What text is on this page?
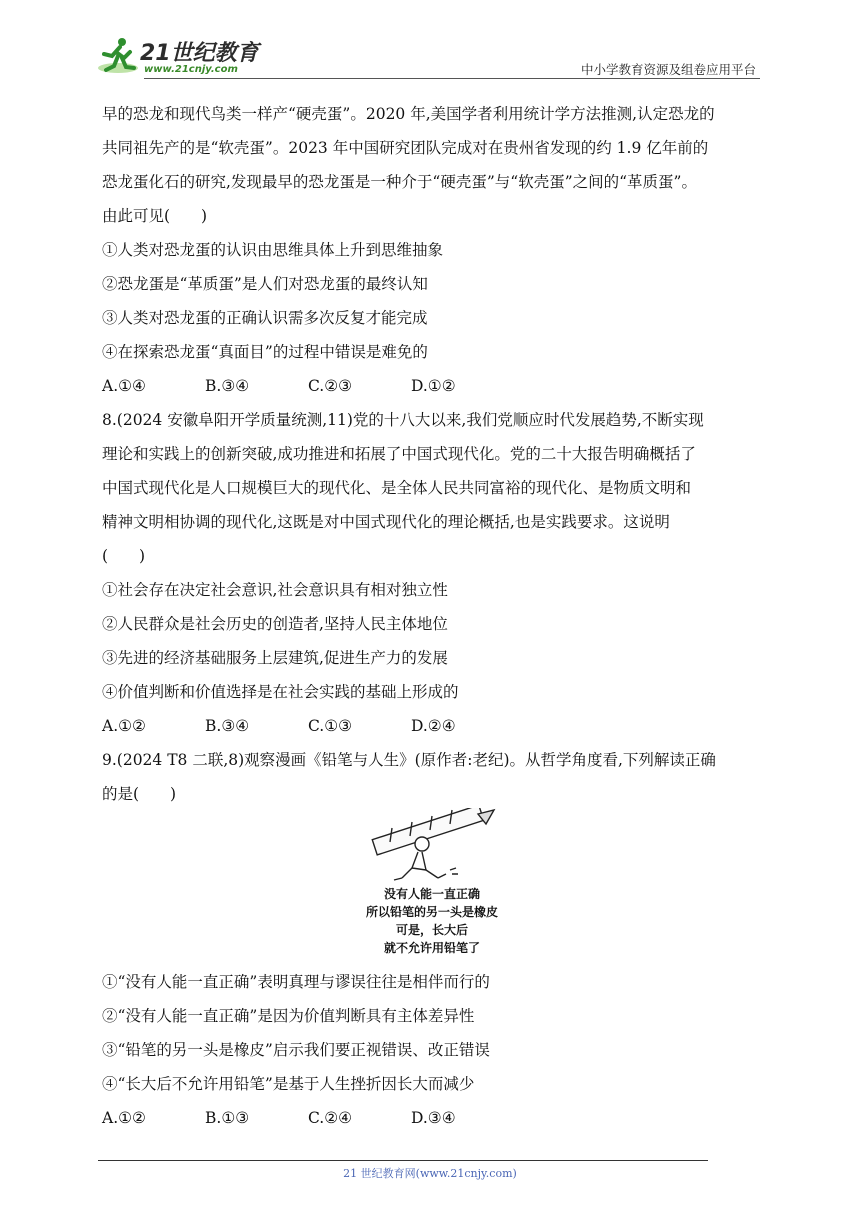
21世纪教育
www.21cnjy.com	中小学教育资源及组卷应用平台
早的恐龙和现代鸟类一样产“硬壳蛋”。2020 年,美国学者利用统计学方法推测,认定恐龙的
共同祖先产的是“软壳蛋”。2023 年中国研究团队完成对在贵州省发现的约 1.9 亿年前的
恐龙蛋化石的研究,发现最早的恐龙蛋是一种介于“硬壳蛋”与“软壳蛋”之间的“革质蛋”。
由此可见(　　)
①人类对恐龙蛋的认识由思维具体上升到思维抽象
②恐龙蛋是“革质蛋”是人们对恐龙蛋的最终认知
③人类对恐龙蛋的正确认识需多次反复才能完成
④在探索恐龙蛋“真面目”的过程中错误是难免的
A.①④	B.③④	C.②③	D.①②
8.(2024 安徽阜阳开学质量统测,11)党的十八大以来,我们党顺应时代发展趋势,不断实现
理论和实践上的创新突破,成功推进和拓展了中国式现代化。党的二十大报告明确概括了
中国式现代化是人口规模巨大的现代化、是全体人民共同富裕的现代化、是物质文明和
精神文明相协调的现代化,这既是对中国式现代化的理论概括,也是实践要求。这说明
(　　)
①社会存在决定社会意识,社会意识具有相对独立性
②人民群众是社会历史的创造者,坚持人民主体地位
③先进的经济基础服务上层建筑,促进生产力的发展
④价值判断和价值选择是在社会实践的基础上形成的
A.①②	B.③④	C.①③	D.②④
9.(2024 T8 二联,8)观察漫画《铅笔与人生》(原作者:老纪)。从哲学角度看,下列解读正确
的是(　　)
没有人能一直正确
所以铅笔的另一头是橡皮
可是，长大后
就不允许用铅笔了
①“没有人能一直正确”表明真理与谬误往往是相伴而行的
②“没有人能一直正确”是因为价值判断具有主体差异性
③“铅笔的另一头是橡皮”启示我们要正视错误、改正错误
④“长大后不允许用铅笔”是基于人生挫折因长大而减少
A.①②	B.①③	C.②④	D.③④
21 世纪教育网(www.21cnjy.com)
